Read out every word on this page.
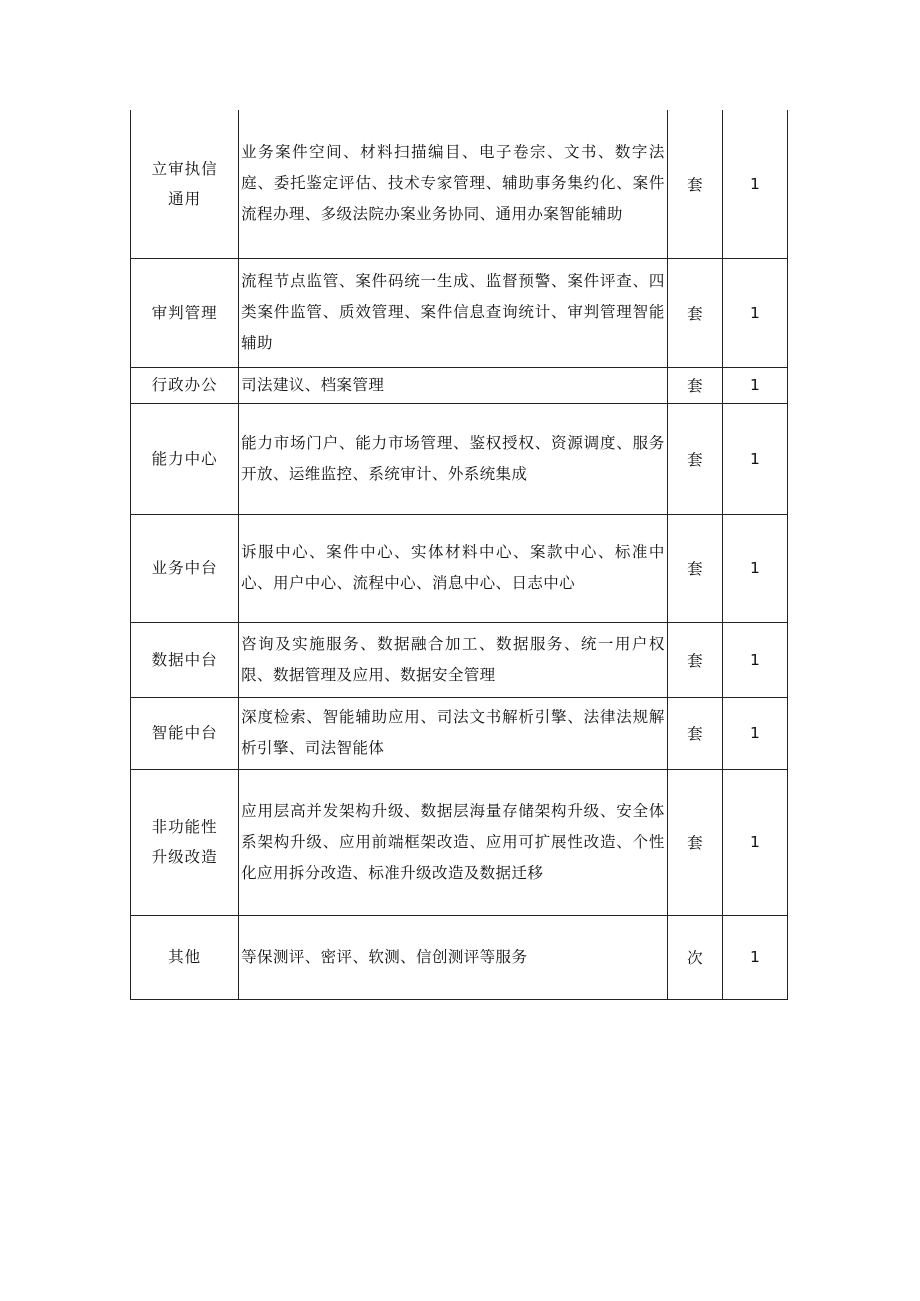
立审执信通用	业务案件空间、材料扫描编目、电子卷宗、文书、数字法庭、委托鉴定评估、技术专家管理、辅助事务集约化、案件流程办理、多级法院办案业务协同、通用办案智能辅助	套	1
审判管理	流程节点监管、案件码统一生成、监督预警、案件评查、四类案件监管、质效管理、案件信息查询统计、审判管理智能辅助	套	1
行政办公	司法建议、档案管理	套	1
能力中心	能力市场门户、能力市场管理、鉴权授权、资源调度、服务开放、运维监控、系统审计、外系统集成	套	1
业务中台	诉服中心、案件中心、实体材料中心、案款中心、标准中心、用户中心、流程中心、消息中心、日志中心	套	1
数据中台	咨询及实施服务、数据融合加工、数据服务、统一用户权限、数据管理及应用、数据安全管理	套	1
智能中台	深度检索、智能辅助应用、司法文书解析引擎、法律法规解析引擎、司法智能体	套	1
非功能性升级改造	应用层高并发架构升级、数据层海量存储架构升级、安全体系架构升级、应用前端框架改造、应用可扩展性改造、个性化应用拆分改造、标准升级改造及数据迁移	套	1
其他	等保测评、密评、软测、信创测评等服务	次	1
